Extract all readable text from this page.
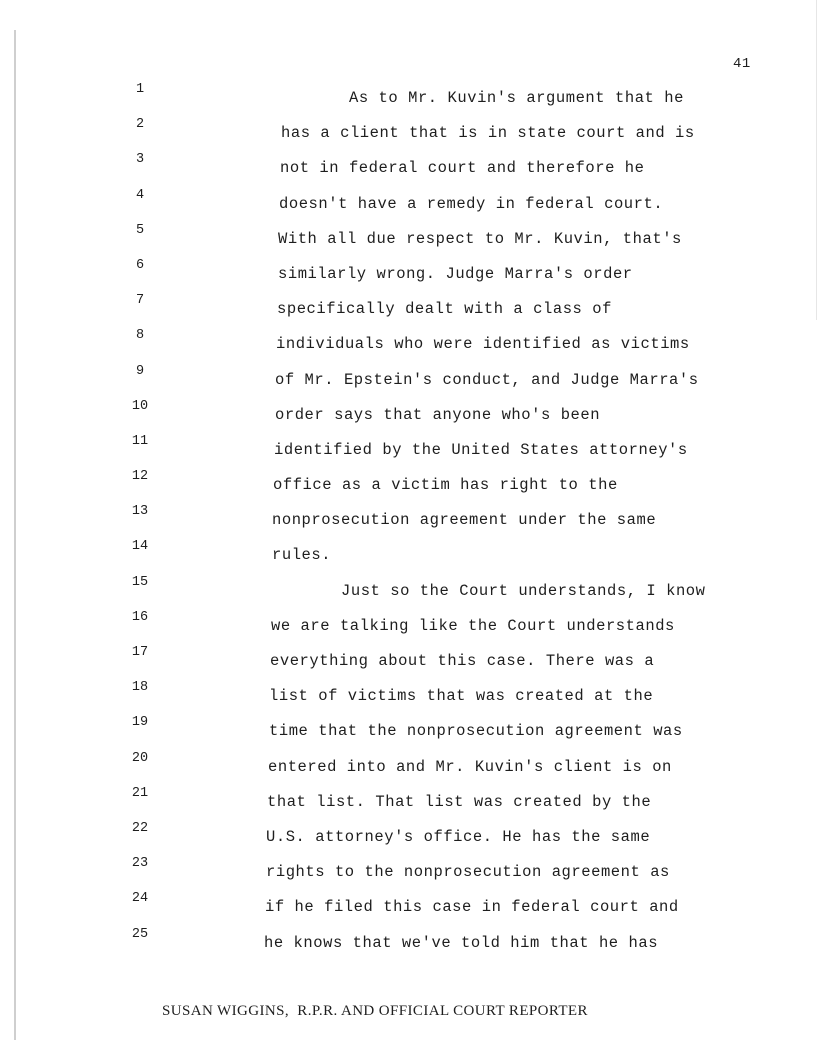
41
1
2
3
4
5
6
7
8
9
10
11
12
13
14
15
16
17
18
19
20
21
22
23
24
25
As to Mr. Kuvin's argument that he
has a client that is in state court and is
not in federal court and therefore he
doesn't have a remedy in federal court.
With all due respect to Mr. Kuvin, that's
similarly wrong. Judge Marra's order
specifically dealt with a class of
individuals who were identified as victims
of Mr. Epstein's conduct, and Judge Marra's
order says that anyone who's been
identified by the United States attorney's
office as a victim has right to the
nonprosecution agreement under the same
rules.
Just so the Court understands, I know
we are talking like the Court understands
everything about this case. There was a
list of victims that was created at the
time that the nonprosecution agreement was
entered into and Mr. Kuvin's client is on
that list. That list was created by the
U.S. attorney's office. He has the same
rights to the nonprosecution agreement as
if he filed this case in federal court and
he knows that we've told him that he has
SUSAN WIGGINS,  R.P.R. AND OFFICIAL COURT REPORTER
